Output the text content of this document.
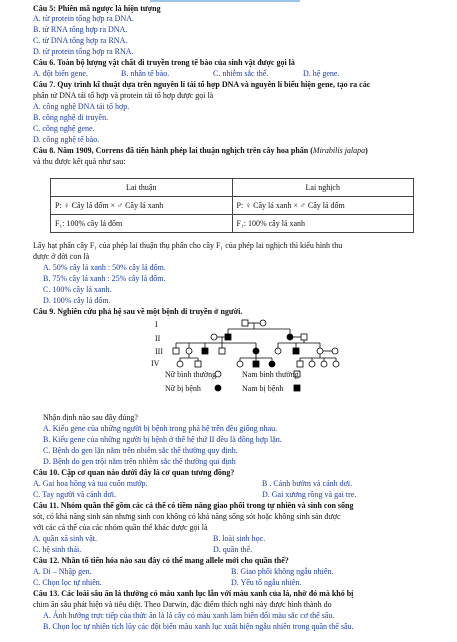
Câu 5: Phiên mã ngược là hiện tượng
A. từ protein tổng hợp ra DNA.
B. từ RNA tổng hợp ra DNA.
C. từ DNA tổng hợp ra RNA.
D. từ protein tổng hợp ra RNA.
Câu 6. Toàn bộ lượng vật chất di truyền trong tế bào của sinh vật được gọi là
A. đột biến gene.	B. nhân tế bào.	C. nhiễm sắc thể.	D. hệ gene.
Câu 7. Quy trình kĩ thuật dựa trên nguyên lí tái tổ hợp DNA và nguyên lí biểu hiện gene, tạo ra các
phân tử DNA tái tổ hợp và protein tái tổ hợp được gọi là
A. công nghệ DNA tái tổ hợp.
B. công nghệ di truyền.
C. công nghệ gene.
D. công nghệ tế bào.
Câu 8. Năm 1909, Correns đã tiến hành phép lai thuận nghịch trên cây hoa phấn (Mirabilis jalapa)
và thu được kết quả như sau:
Lai thuận	Lai nghịch
P: ♀ Cây lá đốm × ♂ Cây lá xanh	P: ♀ Cây lá xanh × ♂ Cây lá đốm
F₁: 100% cây lá đốm	F₁: 100% cây lá xanh
Lấy hạt phấn cây F₁ của phép lai thuận thụ phấn cho cây F₁ của phép lai nghịch thì kiểu hình thu
được ở đời con là
A. 50% cây lá xanh : 50% cây lá đốm.
B. 75% cây lá xanh : 25% cây lá đốm.
C. 100% cây lá xanh.
D. 100% cây lá đốm.
Câu 9. Nghiên cứu phả hệ sau về một bệnh di truyền ở người.
I
II
III
IV
Nữ bình thường	Nam bình thường
Nữ bị bệnh	Nam bị bệnh
Nhận định nào sau đây đúng?
A. Kiểu gene của những người bị bệnh trong phả hệ trên đều giống nhau.
B. Kiểu gene của những người bị bệnh ở thế hệ thứ II đều là đồng hợp lặn.
C. Bệnh do gen lặn nằm trên nhiễm sắc thể thường quy định.
D. Bệnh do gen trội nằm trên nhiễm sắc thể thường qui định
Câu 10. Cặp cơ quan nào dưới đây là cơ quan tương đồng?
A. Gai hoa hồng và tua cuốn mướp.	B . Cánh bướm và cánh dơi.
C. Tay người và cánh dơi.	D. Gai xương rồng và gai tre.
Câu 11. Nhóm quần thể gồm các cá thể có tiềm năng giao phối trong tự nhiên và sinh con sống
sót, có khả năng sinh sản nhưng sinh con không có khả năng sống sót hoặc không sinh sản được
với các cá thể của các nhóm quần thể khác được gọi là
A. quần xã sinh vật.	B. loài sinh học.
C. hệ sinh thái.	D. quần thể.
Câu 12. Nhân tố tiến hóa nào sau đây có thể mang allele mới cho quần thể?
A. Di – Nhập gen.	B. Giao phối không ngẫu nhiên.
C. Chọn lọc tự nhiên.	D. Yếu tố ngẫu nhiên.
Câu 13. Các loài sâu ăn lá thường có màu xanh lục lẫn với màu xanh của lá, nhờ đó mà khó bị
chim ăn sâu phát hiện và tiêu diệt. Theo Darwin, đặc điểm thích nghi này được hình thành do
A. Ảnh hưởng trực tiếp của thức ăn là lá cây có màu xanh làm biến đổi màu sắc cơ thể sâu.
B. Chọn lọc tự nhiên tích lũy các đột biến màu xanh lục xuất hiện ngẫu nhiên trong quần thể sâu.
